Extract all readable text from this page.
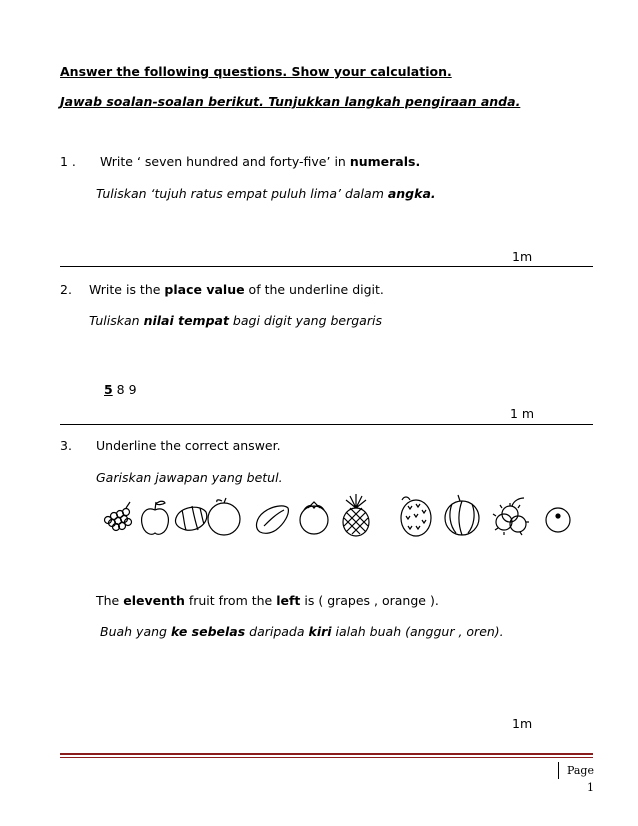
Answer the following questions. Show your calculation.
Jawab soalan-soalan berikut. Tunjukkan langkah pengiraan anda.
1 . Write ‘ seven hundred and forty-five’ in numerals.
Tuliskan ‘tujuh ratus empat puluh lima’ dalam angka.
1m
2. Write is the place value of the underline digit.
Tuliskan nilai tempat bagi digit yang bergaris
5 8 9
1 m
3. Underline the correct answer.
Gariskan jawapan yang betul.
The eleventh fruit from the left is ( grapes , orange ).
Buah yang ke sebelas daripada kiri ialah buah (anggur , oren).
1m
Page 1
